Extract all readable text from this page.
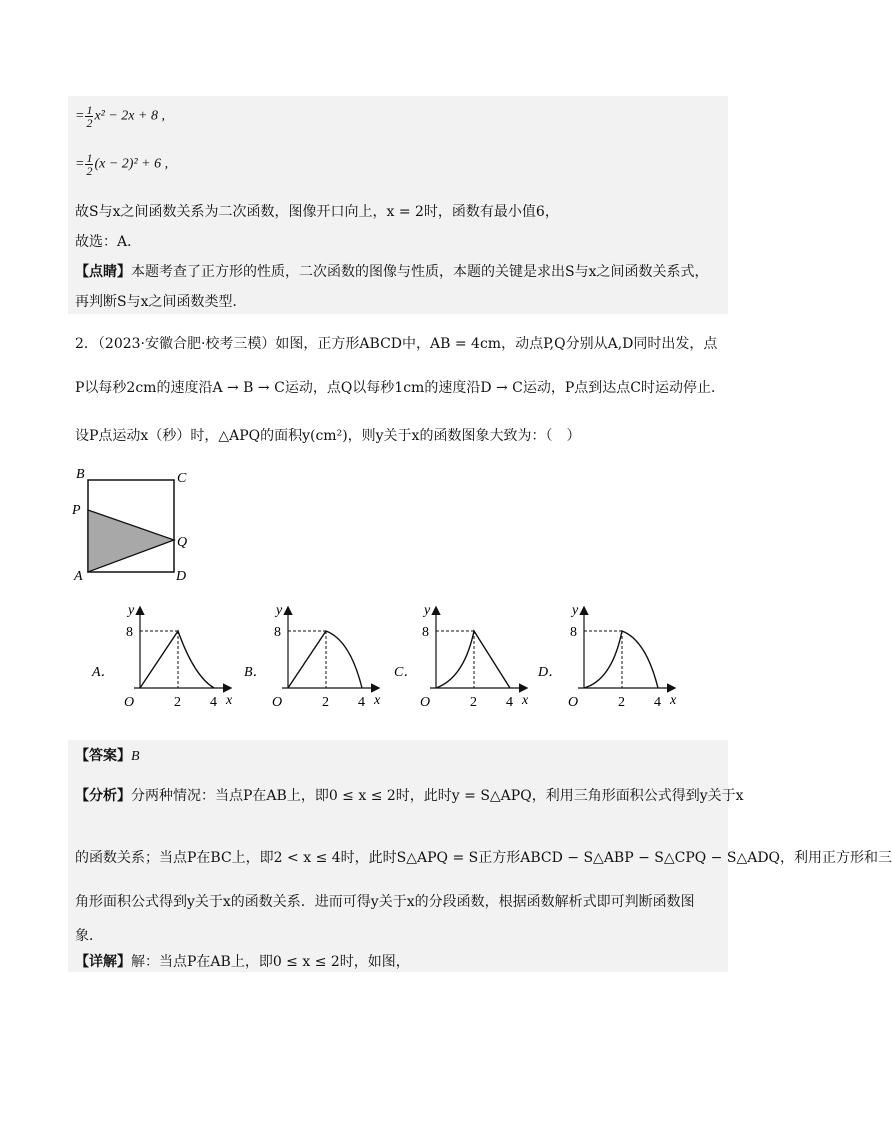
= $\frac{1}{2} x^2 - 2x + 8$ ,
= $\frac{1}{2} (x - 2)^2 + 6$ ,
故S与x之间函数关系为二次函数，图像开口向上，x = 2时，函数有最小值6，
故选：A．
【点睛】本题考查了正方形的性质，二次函数的图像与性质，本题的关键是求出S与x之间函数关系式，
再判断S与x之间函数类型．
2．（2023·安徽合肥·校考三模）如图，正方形ABCD中，AB = 4cm，动点P,Q分别从A,D同时出发，点
P以每秒2cm的速度沿A → B → C运动，点Q以每秒1cm的速度沿D → C运动，P点到达点C时运动停止．
设P点运动x（秒）时，△APQ的面积y(cm²)，则y关于x的函数图象大致为：（　）
B	C
P
Q
A	D
A．
y
x
O
8
2 4
B．
y
x
O
8
2 4
C．
y
x
O
8
2 4
D．
y
x
O
8
2 4
【答案】B
【分析】分两种情况：当点P在AB上，即0 ≤ x ≤ 2时，此时y = S△APQ，利用三角形面积公式得到y关于x
的函数关系；当点P在BC上，即2 < x ≤ 4时，此时S△APQ = S正方形ABCD − S△ABP − S△CPQ − S△ADQ，利用正方形和三
角形面积公式得到y关于x的函数关系．进而可得y关于x的分段函数，根据函数解析式即可判断函数图
象．
【详解】解：当点P在AB上，即0 ≤ x ≤ 2时，如图，
